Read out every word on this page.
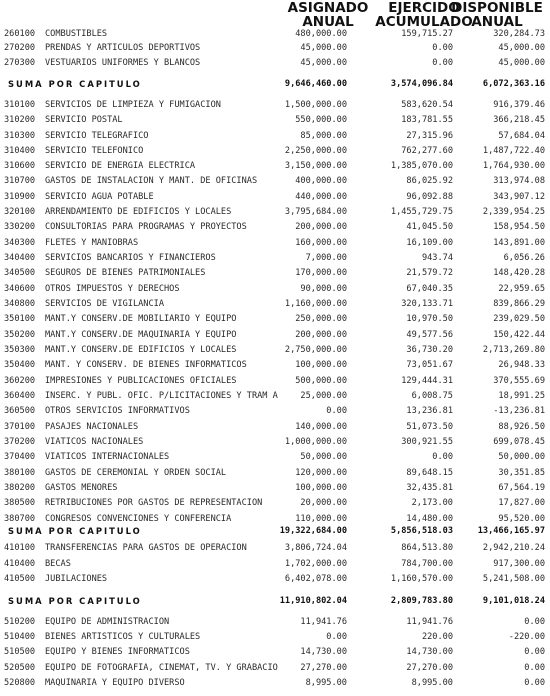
ASIGNADO
ANUAL
EJERCIDO
ACUMULADO
DISPONIBLE
ANUAL
260100	COMBUSTIBLES	480,000.00	159,715.27	320,284.73
270200	PRENDAS Y ARTICULOS DEPORTIVOS	45,000.00	0.00	45,000.00
270300	VESTUARIOS UNIFORMES Y BLANCOS	45,000.00	0.00	45,000.00
SUMA POR CAPITULO	9,646,460.00	3,574,096.84	6,072,363.16
310100	SERVICIOS DE LIMPIEZA Y FUMIGACION	1,500,000.00	583,620.54	916,379.46
310200	SERVICIO POSTAL	550,000.00	183,781.55	366,218.45
310300	SERVICIO TELEGRAFICO	85,000.00	27,315.96	57,684.04
310400	SERVICIO TELEFONICO	2,250,000.00	762,277.60	1,487,722.40
310600	SERVICIO DE ENERGIA ELECTRICA	3,150,000.00	1,385,070.00	1,764,930.00
310700	GASTOS DE INSTALACION Y MANT. DE OFICINAS	400,000.00	86,025.92	313,974.08
310900	SERVICIO AGUA POTABLE	440,000.00	96,092.88	343,907.12
320100	ARRENDAMIENTO DE EDIFICIOS Y LOCALES	3,795,684.00	1,455,729.75	2,339,954.25
330200	CONSULTORIAS PARA PROGRAMAS Y PROYECTOS	200,000.00	41,045.50	158,954.50
340300	FLETES Y MANIOBRAS	160,000.00	16,109.00	143,891.00
340400	SERVICIOS BANCARIOS Y FINANCIEROS	7,000.00	943.74	6,056.26
340500	SEGUROS DE BIENES PATRIMONIALES	170,000.00	21,579.72	148,420.28
340600	OTROS IMPUESTOS Y DERECHOS	90,000.00	67,040.35	22,959.65
340800	SERVICIOS DE VIGILANCIA	1,160,000.00	320,133.71	839,866.29
350100	MANT.Y CONSERV.DE MOBILIARIO Y EQUIPO	250,000.00	10,970.50	239,029.50
350200	MANT.Y CONSERV.DE MAQUINARIA Y EQUIPO	200,000.00	49,577.56	150,422.44
350300	MANT.Y CONSERV.DE EDIFICIOS Y LOCALES	2,750,000.00	36,730.20	2,713,269.80
350400	MANT. Y CONSERV. DE BIENES INFORMATICOS	100,000.00	73,051.67	26,948.33
360200	IMPRESIONES Y PUBLICACIONES OFICIALES	500,000.00	129,444.31	370,555.69
360400	INSERC. Y PUBL. OFIC. P/LICITACIONES Y TRAM A	25,000.00	6,008.75	18,991.25
360500	OTROS SERVICIOS INFORMATIVOS	0.00	13,236.81	-13,236.81
370100	PASAJES NACIONALES	140,000.00	51,073.50	88,926.50
370200	VIATICOS NACIONALES	1,000,000.00	300,921.55	699,078.45
370400	VIATICOS INTERNACIONALES	50,000.00	0.00	50,000.00
380100	GASTOS DE CEREMONIAL Y ORDEN SOCIAL	120,000.00	89,648.15	30,351.85
380200	GASTOS MENORES	100,000.00	32,435.81	67,564.19
380500	RETRIBUCIONES POR GASTOS DE REPRESENTACION	20,000.00	2,173.00	17,827.00
380700	CONGRESOS CONVENCIONES Y CONFERENCIA	110,000.00	14,480.00	95,520.00
SUMA POR CAPITULO	19,322,684.00	5,856,518.03	13,466,165.97
410100	TRANSFERENCIAS PARA GASTOS DE OPERACION	3,806,724.04	864,513.80	2,942,210.24
410400	BECAS	1,702,000.00	784,700.00	917,300.00
410500	JUBILACIONES	6,402,078.00	1,160,570.00	5,241,508.00
SUMA POR CAPITULO	11,910,802.04	2,809,783.80	9,101,018.24
510200	EQUIPO DE ADMINISTRACION	11,941.76	11,941.76	0.00
510400	BIENES ARTISTICOS Y CULTURALES	0.00	220.00	-220.00
510500	EQUIPO Y BIENES INFORMATICOS	14,730.00	14,730.00	0.00
520500	EQUIPO DE FOTOGRAFIA, CINEMAT, TV. Y GRABACIO	27,270.00	27,270.00	0.00
520800	MAQUINARIA Y EQUIPO DIVERSO	8,995.00	8,995.00	0.00
